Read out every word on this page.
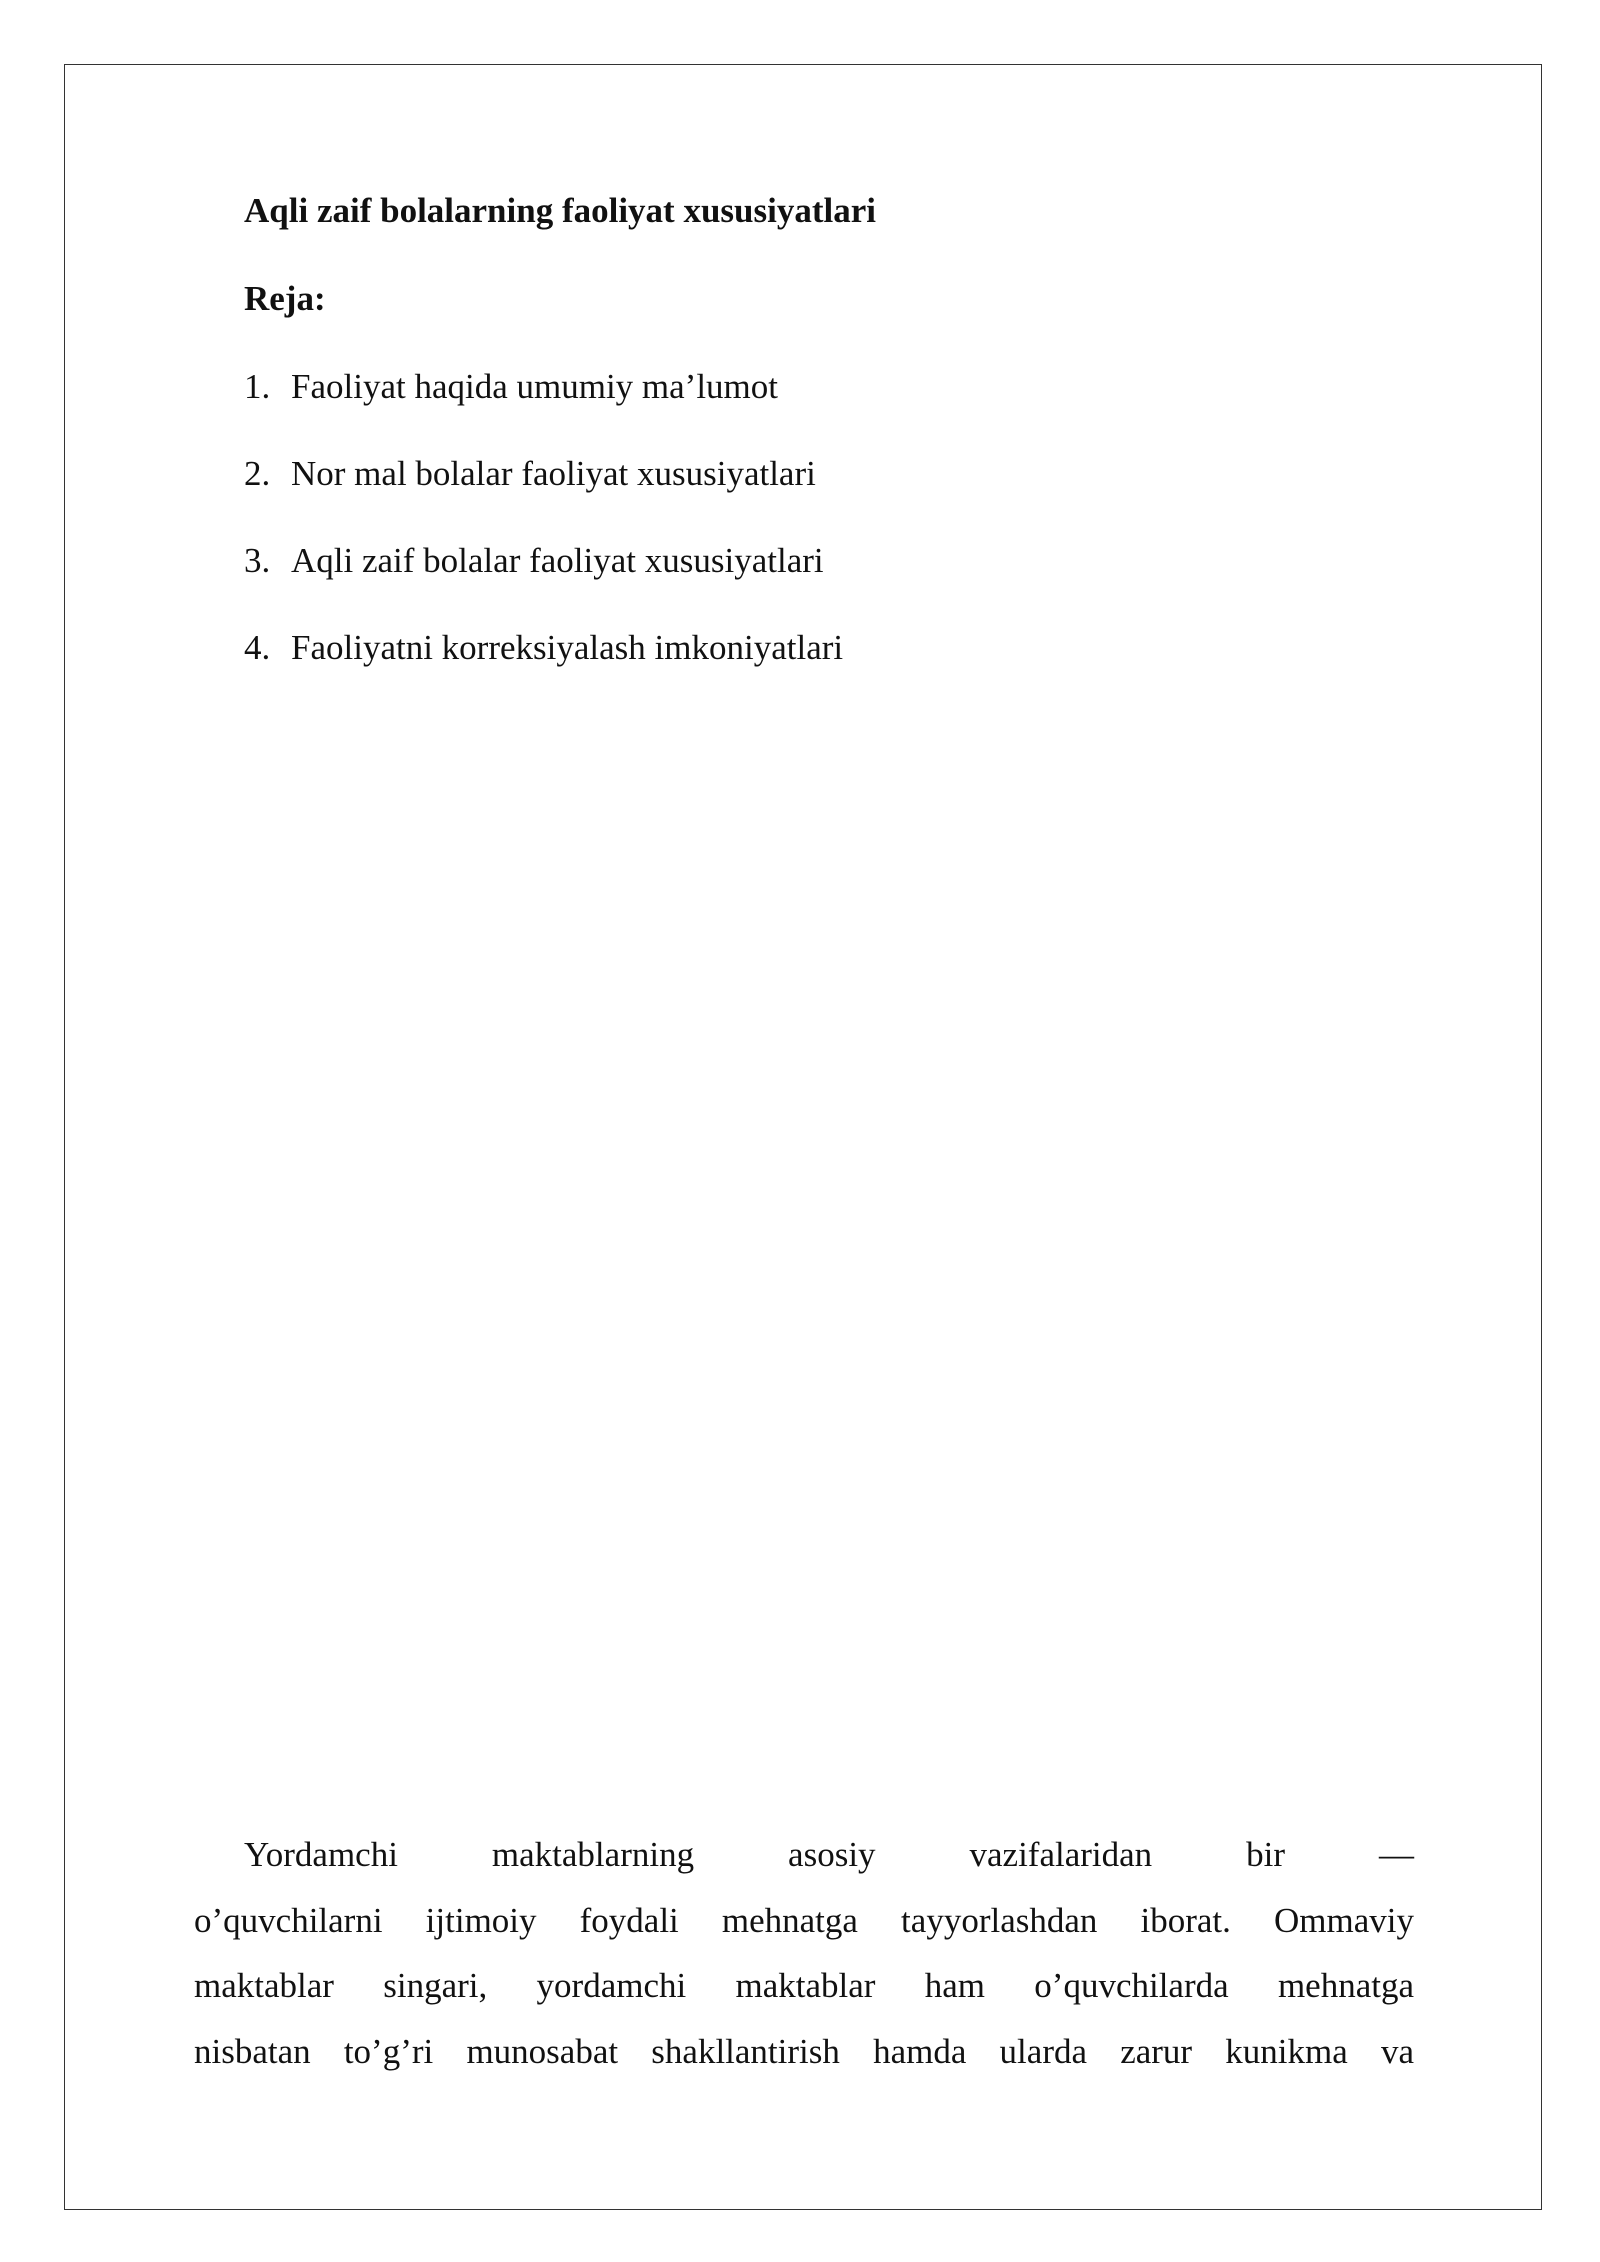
Aqli zaif bolalarning faoliyat xususiyatlari
Reja:
1. Faoliyat haqida umumiy ma’lumot
2. Nor mal bolalar faoliyat xususiyatlari
3. Aqli zaif bolalar faoliyat xususiyatlari
4. Faoliyatni korreksiyalash imkoniyatlari
Yordamchi maktablarning asosiy vazifalaridan bir —
o’quvchilarni ijtimoiy foydali mehnatga tayyorlashdan iborat. Ommaviy
maktablar singari, yordamchi maktablar ham o’quvchilarda mehnatga
nisbatan to’g’ri munosabat shakllantirish hamda ularda zarur kunikma va
